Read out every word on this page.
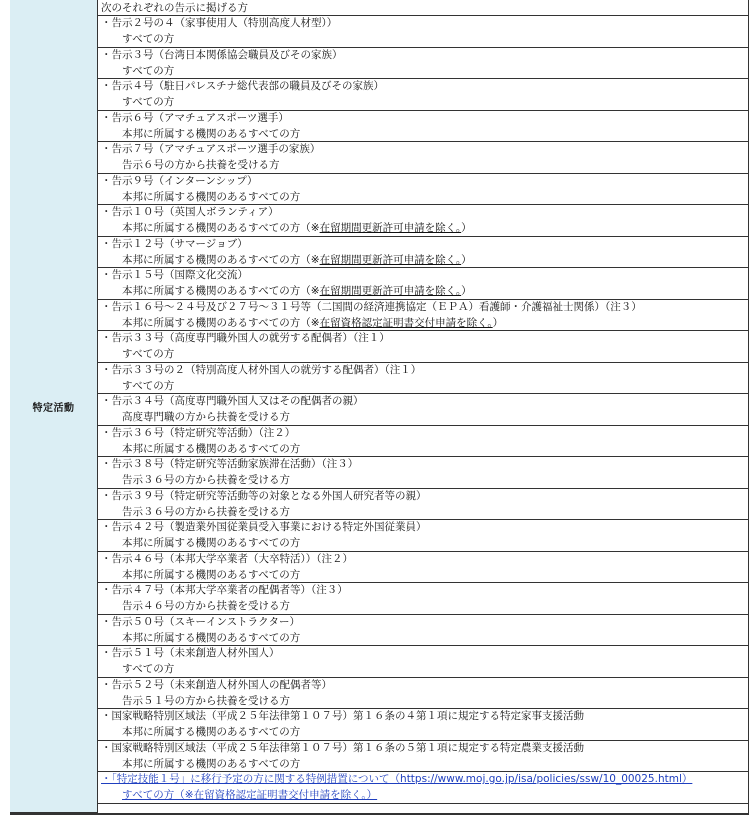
特定活動
次のそれぞれの告示に掲げる方
・告示２号の４（家事使用人（特別高度人材型））
すべての方
・告示３号（台湾日本関係協会職員及びその家族）
すべての方
・告示４号（駐日パレスチナ総代表部の職員及びその家族）
すべての方
・告示６号（アマチュアスポーツ選手）
本邦に所属する機関のあるすべての方
・告示７号（アマチュアスポーツ選手の家族）
告示６号の方から扶養を受ける方
・告示９号（インターンシップ）
本邦に所属する機関のあるすべての方
・告示１０号（英国人ボランティア）
本邦に所属する機関のあるすべての方（※在留期間更新許可申請を除く。）
・告示１２号（サマージョブ）
本邦に所属する機関のあるすべての方（※在留期間更新許可申請を除く。）
・告示１５号（国際文化交流）
本邦に所属する機関のあるすべての方（※在留期間更新許可申請を除く。）
・告示１６号～２４号及び２７号～３１号等（二国間の経済連携協定（ＥＰＡ）看護師・介護福祉士関係）（注３）
本邦に所属する機関のあるすべての方（※在留資格認定証明書交付申請を除く。）
・告示３３号（高度専門職外国人の就労する配偶者）（注１）
すべての方
・告示３３号の２（特別高度人材外国人の就労する配偶者）（注１）
すべての方
・告示３４号（高度専門職外国人又はその配偶者の親）
高度専門職の方から扶養を受ける方
・告示３６号（特定研究等活動）（注２）
本邦に所属する機関のあるすべての方
・告示３８号（特定研究等活動家族滞在活動）（注３）
告示３６号の方から扶養を受ける方
・告示３９号（特定研究等活動等の対象となる外国人研究者等の親）
告示３６号の方から扶養を受ける方
・告示４２号（製造業外国従業員受入事業における特定外国従業員）
本邦に所属する機関のあるすべての方
・告示４６号（本邦大学卒業者（大卒特活））（注２）
本邦に所属する機関のあるすべての方
・告示４７号（本邦大学卒業者の配偶者等）（注３）
告示４６号の方から扶養を受ける方
・告示５０号（スキーインストラクター）
本邦に所属する機関のあるすべての方
・告示５１号（未来創造人材外国人）
すべての方
・告示５２号（未来創造人材外国人の配偶者等）
告示５１号の方から扶養を受ける方
・国家戦略特別区域法（平成２５年法律第１０７号）第１６条の４第１項に規定する特定家事支援活動
本邦に所属する機関のあるすべての方
・国家戦略特別区域法（平成２５年法律第１０７号）第１６条の５第１項に規定する特定農業支援活動
本邦に所属する機関のあるすべての方
・「特定技能１号」に移行予定の方に関する特例措置について（https://www.moj.go.jp/isa/policies/ssw/10_00025.html）
すべての方（※在留資格認定証明書交付申請を除く。）
